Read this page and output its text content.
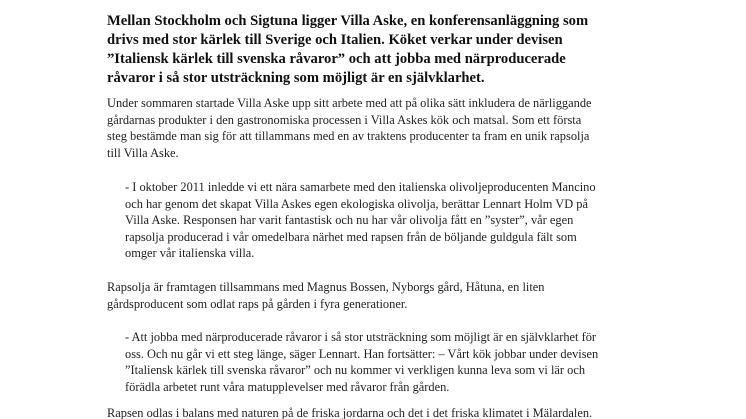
Mellan Stockholm och Sigtuna ligger Villa Aske, en konferensanläggning som
drivs med stor kärlek till Sverige och Italien. Köket verkar under devisen
”Italiensk kärlek till svenska råvaror” och att jobba med närproducerade
råvaror i så stor utsträckning som möjligt är en självklarhet.
Under sommaren startade Villa Aske upp sitt arbete med att på olika sätt inkludera de närliggande
gårdarnas produkter i den gastronomiska processen i Villa Askes kök och matsal. Som ett första
steg bestämde man sig för att tillammans med en av traktens producenter ta fram en unik rapsolja
till Villa Aske.
- I oktober 2011 inledde vi ett nära samarbete med den italienska olivoljeproducenten Mancino
och har genom det skapat Villa Askes egen ekologiska olivolja, berättar Lennart Holm VD på
Villa Aske. Responsen har varit fantastisk och nu har vår olivolja fått en ”syster”, vår egen
rapsolja producerad i vår omedelbara närhet med rapsen från de böljande guldgula fält som
omger vår italienska villa.
Rapsolja är framtagen tillsammans med Magnus Bossen, Nyborgs gård, Håtuna, en liten
gårdsproducent som odlat raps på gården i fyra generationer.
- Att jobba med närproducerade råvaror i så stor utsträckning som möjligt är en självklarhet för
oss. Och nu går vi ett steg länge, säger Lennart. Han fortsätter: – Vårt kök jobbar under devisen
”Italiensk kärlek till svenska råvaror” och nu kommer vi verkligen kunna leva som vi lär och
förädla arbetet runt våra matupplevelser med råvaror från gården.
Rapsen odlas i balans med naturen på de friska jordarna och det i det friska klimatet i Mälardalen.
